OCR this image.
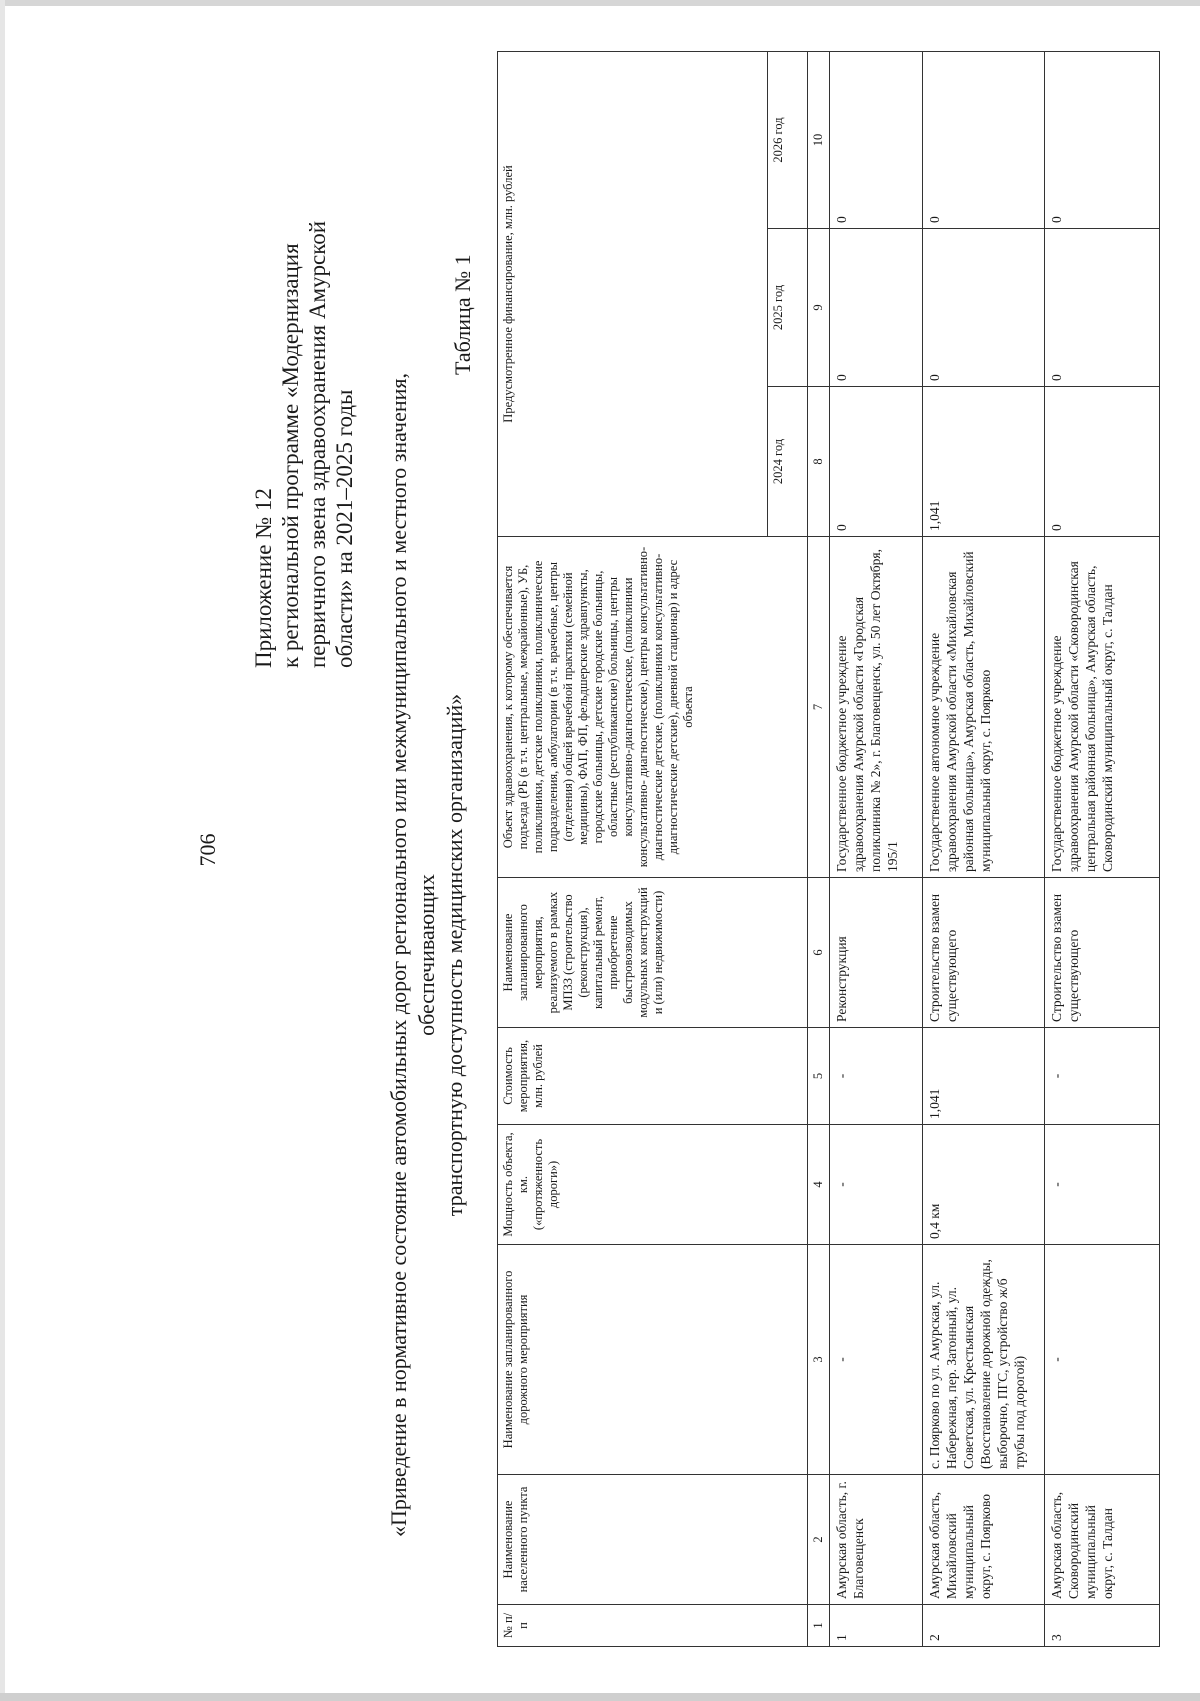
706
Приложение № 12 к региональной программе «Модернизация первичного звена здравоохранения Амурской области» на 2021–2025 годы «Приведение в нормативное состояние автомобильных дорог регионального или межмуниципального и местного значения, обеспечивающих транспортную доступность медицинских организаций»
Таблица № 1
№ п/п	Наименование населенного пункта	Наименование запланированного дорожного мероприятия	Мощность объекта, км. («протяженность дороги»)	Стоимость мероприятия, млн. рублей	Наименование запланированного мероприятия, реализуемого в рамках МПЗЗ (строительство (реконструкция), капитальный ремонт, приобретение быстровозводимых модульных конструкций и (или) недвижимости)	Объект здравоохранения, к которому обеспечивается подъезда (РБ (в т.ч. центральные, межрайонные), УБ, поликлиники, детские поликлиники, поликлинические подразделения, амбулатории (в т.ч. врачебные, центры (отделения) общей врачебной практики (семейной медицины), ФАП, ФП, фельдшерские здравпункты, городские больницы, детские городские больницы, областные (республиканские) больницы, центры консультативно-диагностические, (поликлиники консультативно- диагностические), центры консультативно-диагностические детские, (поликлиники консультативно-диагностические детские), дневной стационар) и адрес объекта	Предусмотренное финансирование, млн. рублей		
							2024 год	2025 год	2026 год
1	2	3	4	5	6	7	8	9	10
1	Амурская область, г. Благовещенск	-	-	-	Реконструкция	Государственное бюджетное учреждение здравоохранения Амурской области «Городская поликлиника № 2», г. Благовещенск, ул. 50 лет Октября, 195/1	0	0	0
2	Амурская область, Михайловский муниципальный округ, с. Поярково	с. Поярково по ул. Амурская, ул. Набережная, пер. Затонный, ул. Советская, ул. Крестьянская (Восстановление дорожной одежды, выборочно, ПГС, устройство ж/б трубы под дорогой)	0,4 км	1,041	Строительство взамен существующего	Государственное автономное учреждение здравоохранения Амурской области «Михайловская районная больница», Амурская область, Михайловский муниципальный округ, с. Поярково	1,041	0	0
3	Амурская область, Сковородинский муниципальный округ, с. Талдан	-	-	-	Строительство взамен существующего	Государственное бюджетное учреждение здравоохранения Амурской области «Сковородинская центральная районная больница», Амурская область, Сковородинский муниципальный округ, с. Талдан	0	0	0
